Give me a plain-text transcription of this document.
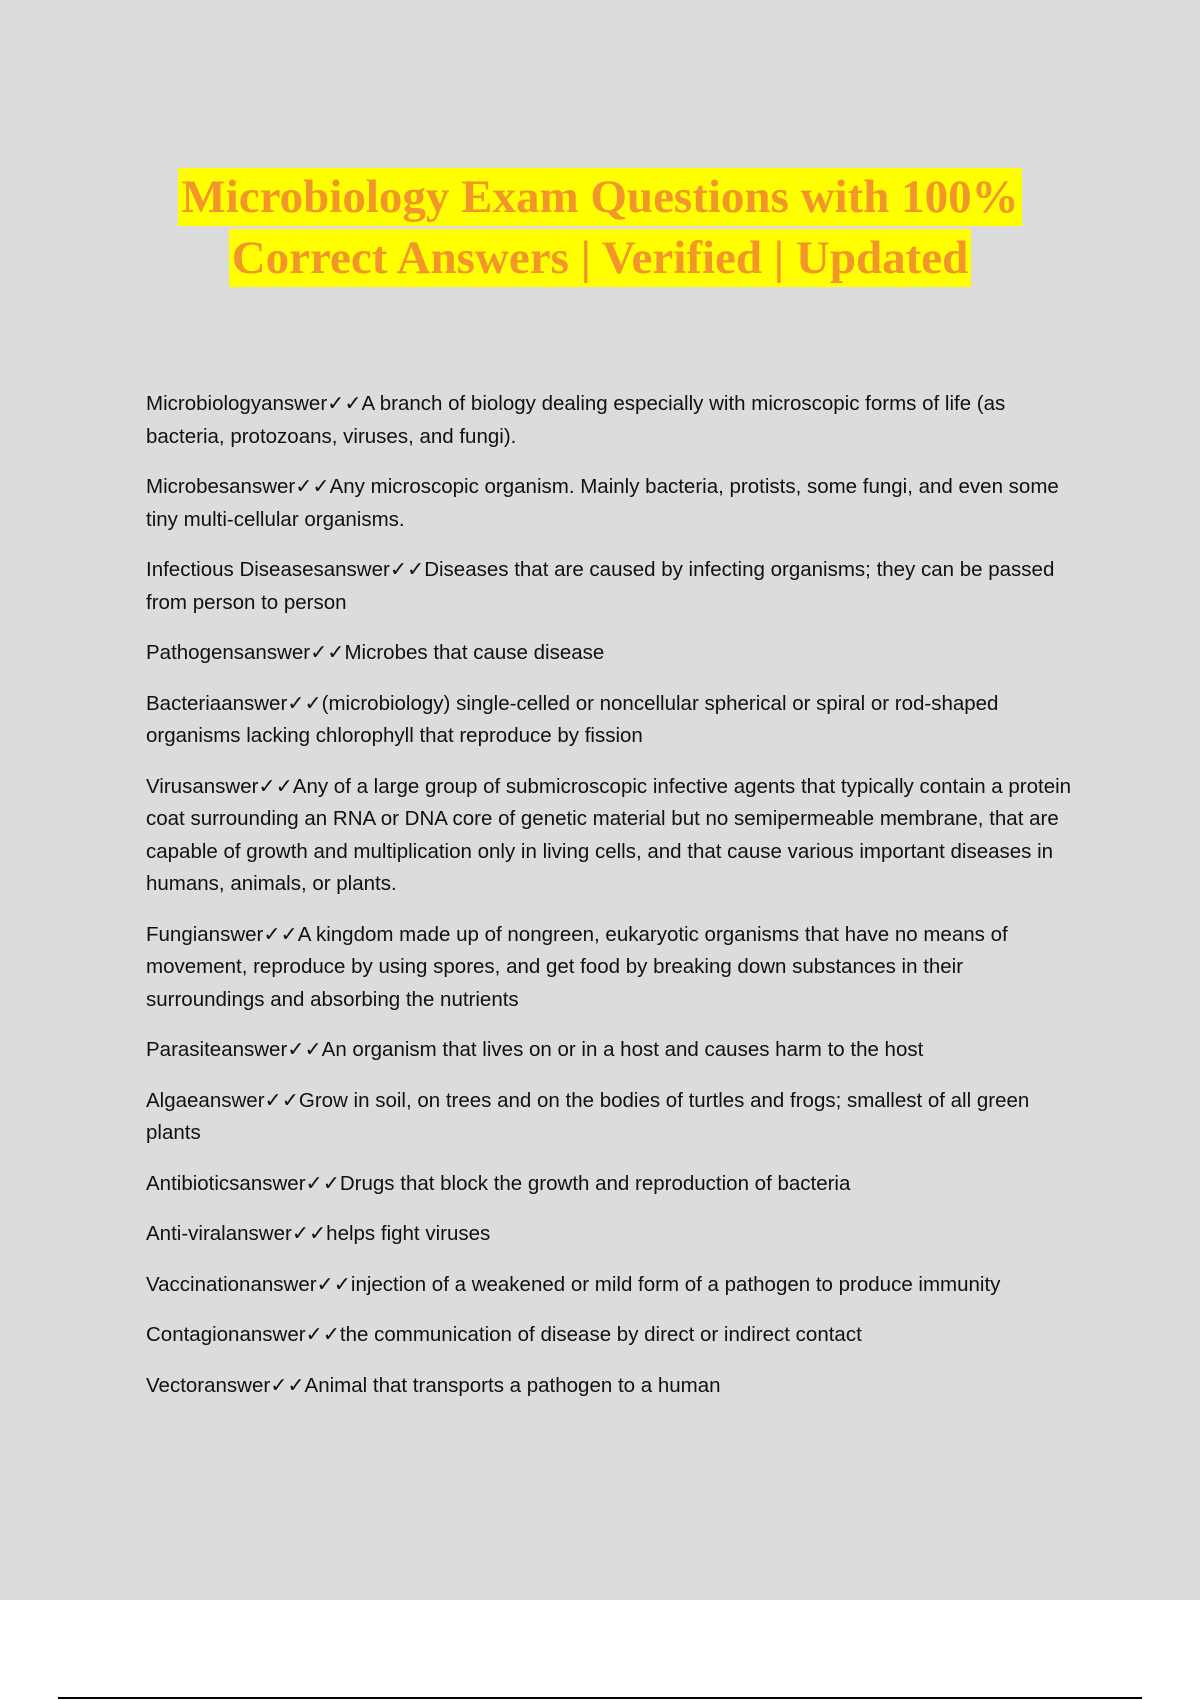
Microbiology Exam Questions with 100%
Correct Answers | Verified | Updated

Microbiologyanswer✓✓A branch of biology dealing especially with microscopic forms of life (as bacteria, protozoans, viruses, and fungi).

Microbesanswer✓✓Any microscopic organism. Mainly bacteria, protists, some fungi, and even some tiny multi-cellular organisms.

Infectious Diseasesanswer✓✓Diseases that are caused by infecting organisms; they can be passed from person to person

Pathogensanswer✓✓Microbes that cause disease

Bacteriaanswer✓✓(microbiology) single-celled or noncellular spherical or spiral or rod-shaped organisms lacking chlorophyll that reproduce by fission

Virusanswer✓✓Any of a large group of submicroscopic infective agents that typically contain a protein coat surrounding an RNA or DNA core of genetic material but no semipermeable membrane, that are capable of growth and multiplication only in living cells, and that cause various important diseases in humans, animals, or plants.

Fungianswer✓✓A kingdom made up of nongreen, eukaryotic organisms that have no means of movement, reproduce by using spores, and get food by breaking down substances in their surroundings and absorbing the nutrients

Parasiteanswer✓✓An organism that lives on or in a host and causes harm to the host

Algaeanswer✓✓Grow in soil, on trees and on the bodies of turtles and frogs; smallest of all green plants

Antibioticsanswer✓✓Drugs that block the growth and reproduction of bacteria

Anti-viralanswer✓✓helps fight viruses

Vaccinationanswer✓✓injection of a weakened or mild form of a pathogen to produce immunity

Contagionanswer✓✓the communication of disease by direct or indirect contact

Vectoranswer✓✓Animal that transports a pathogen to a human
